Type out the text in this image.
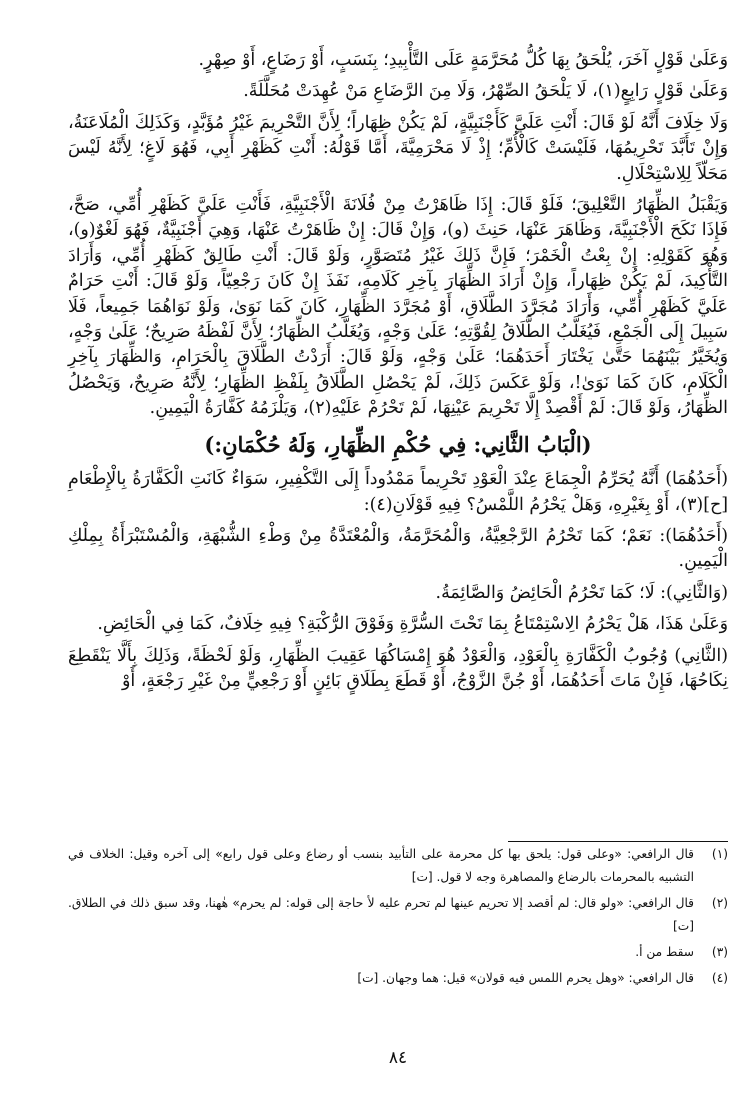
وَعَلَىٰ قَوْلٍ آخَرَ، يُلْحَقُ بِهَا كُلُّ مُحَرَّمَةٍ عَلَى التَّأْبِيدِ؛ بِنَسَبٍ، أَوْ رَضَاعٍ، أَوْ صِهْرٍ.

وَعَلَىٰ قَوْلٍ رَابِعٍ(١)، لَا يَلْحَقُ الصِّهْرُ، وَلَا مِنَ الرَّضَاعِ مَنْ عُهِدَتْ مُحَلَّلَةً.

وَلَا خِلَافَ أَنَّهُ لَوْ قَالَ: أَنْتِ عَلَيَّ كَأَجْنَبِيَّةٍ، لَمْ يَكُنْ ظِهَاراً؛ لِأَنَّ التَّحْرِيمَ غَيْرُ مُؤَبَّدٍ، وَكَذَلِكَ الْمُلَاعَنَةُ، وَإِنْ تَأَبَّدَ تَحْرِيمُهَا، فَلَيْسَتْ كَالْأُمِّ؛ إِذْ لَا مَحْرَمِيَّةَ، أَمَّا قَوْلُهُ: أَنْتِ كَظَهْرِ أَبِي، فَهُوَ لَاغٍ؛ لِأَنَّهُ لَيْسَ مَحَلّاً لِلِاسْتِحْلَالِ.

وَيَقْبَلُ الظِّهَارُ التَّعْلِيقَ؛ فَلَوْ قَالَ: إِذَا ظَاهَرْتُ مِنْ فُلَانَةَ الْأَجْنَبِيَّةِ، فَأَنْتِ عَلَيَّ كَظَهْرِ أُمِّي، صَحَّ، فَإِذَا نَكَحَ الْأَجْنَبِيَّةَ، وَظَاهَرَ عَنْهَا، حَنِثَ (و)، وَإِنْ قَالَ: إِنْ ظَاهَرْتُ عَنْهَا، وَهِيَ أَجْنَبِيَّةٌ، فَهُوَ لَغْوٌ(و)، وَهُوَ كَقَوْلِهِ: إِنْ بِعْتُ الْخَمْرَ؛ فَإِنَّ ذَلِكَ غَيْرُ مُتَصَوَّرٍ، وَلَوْ قَالَ: أَنْتِ طَالِقٌ كَظَهْرِ أُمِّي، وَأَرَادَ التَّأْكِيدَ، لَمْ يَكُنْ ظِهَاراً، وَإِنْ أَرَادَ الظِّهَارَ بِآخِرِ كَلَامِهِ، نَفَذَ إِنْ كَانَ رَجْعِيّاً، وَلَوْ قَالَ: أَنْتِ حَرَامٌ عَلَيَّ كَظَهْرِ أُمِّي، وَأَرَادَ مُجَرَّدَ الطَّلَاقِ، أَوْ مُجَرَّدَ الظِّهَارِ، كَانَ كَمَا نَوَىٰ، وَلَوْ نَوَاهُمَا جَمِيعاً، فَلَا سَبِيلَ إِلَى الْجَمْعِ، فَيُغَلَّبُ الطَّلَاقُ لِقُوَّتِهِ؛ عَلَىٰ وَجْهٍ، وَيُغَلَّبُ الظِّهَارُ؛ لِأَنَّ لَفْظَهُ صَرِيحٌ؛ عَلَىٰ وَجْهٍ، وَيُخَيَّرُ بَيْنَهُمَا حَتَّىٰ يَخْتَارَ أَحَدَهُمَا؛ عَلَىٰ وَجْهٍ، وَلَوْ قَالَ: أَرَدْتُ الطَّلَاقَ بِالْحَرَامِ، وَالظِّهَارَ بِآخِرِ الْكَلَامِ، كَانَ كَمَا نَوَىٰ!، وَلَوْ عَكَسَ ذَلِكَ، لَمْ يَحْصُلِ الطَّلَاقُ بِلَفْظِ الظِّهَارِ؛ لِأَنَّهُ صَرِيحٌ، وَيَحْصُلُ الظِّهَارُ، وَلَوْ قَالَ: لَمْ أَقْصِدْ إِلَّا تَحْرِيمَ عَيْنِهَا، لَمْ تَحْرُمْ عَلَيْهِ(٢)، وَيَلْزَمُهُ كَفَّارَةُ الْيَمِينِ.

(الْبَابُ الثَّانِي: فِي حُكْمِ الظِّهَارِ، وَلَهُ حُكْمَانِ:)

(أَحَدُهُمَا) أَنَّهُ يُحَرِّمُ الْجِمَاعَ عِنْدَ الْعَوْدِ تَحْرِيماً مَمْدُوداً إِلَى التَّكْفِيرِ، سَوَاءٌ كَانَتِ الْكَفَّارَةُ بِالْإِطْعَامِ [ح](٣)، أَوْ بِغَيْرِهِ، وَهَلْ يَحْرُمُ اللَّمْسُ؟ فِيهِ قَوْلَانِ(٤):

(أَحَدُهُمَا): نَعَمْ؛ كَمَا تَحْرُمُ الرَّجْعِيَّةُ، وَالْمُحَرَّمَةُ، وَالْمُعْتَدَّةُ مِنْ وَطْءِ الشُّبْهَةِ، وَالْمُسْتَبْرَأَةُ بِمِلْكِ الْيَمِينِ.

(وَالثَّانِي): لَا؛ كَمَا تَحْرُمُ الْحَائِضُ وَالصَّائِمَةُ.

وَعَلَىٰ هَذَا، هَلْ يَحْرُمُ الِاسْتِمْتَاعُ بِمَا تَحْتَ السُّرَّةِ وَفَوْقَ الرُّكْبَةِ؟ فِيهِ خِلَافٌ، كَمَا فِي الْحَائِضِ.

(الثَّانِي) وُجُوبُ الْكَفَّارَةِ بِالْعَوْدِ، وَالْعَوْدُ هُوَ إِمْسَاكُهَا عَقِيبَ الظِّهَارِ، وَلَوْ لَحْظَةً، وَذَلِكَ بِأَلَّا يَنْقَطِعَ نِكَاحُهَا، فَإِنْ مَاتَ أَحَدُهُمَا، أَوْ جُنَّ الزَّوْجُ، أَوْ قَطَعَ بِطَلَاقٍ بَائِنٍ أَوْ رَجْعِيٍّ مِنْ غَيْرِ رَجْعَةٍ، أَوْ

(١)
قال الرافعي: «وعلى قول: يلحق بها كل محرمة على التأبيد بنسب أو رضاع وعلى قول رابع» إلى آخره وقيل: الخلاف في التشبيه بالمحرمات بالرضاع والمصاهرة وجه لا قول. [ت]
(٢)
قال الرافعي: «ولو قال: لم أقصد إلا تحريم عينها لم تحرم عليه لأ حاجة إلى قوله: لم يحرم» هٰهنا، وقد سبق ذلك في الطلاق. [ت]
(٣)
سقط من أ.
(٤)
قال الرافعي: «وهل يحرم اللمس فيه قولان» قيل: هما وجهان. [ت]
٨٤
